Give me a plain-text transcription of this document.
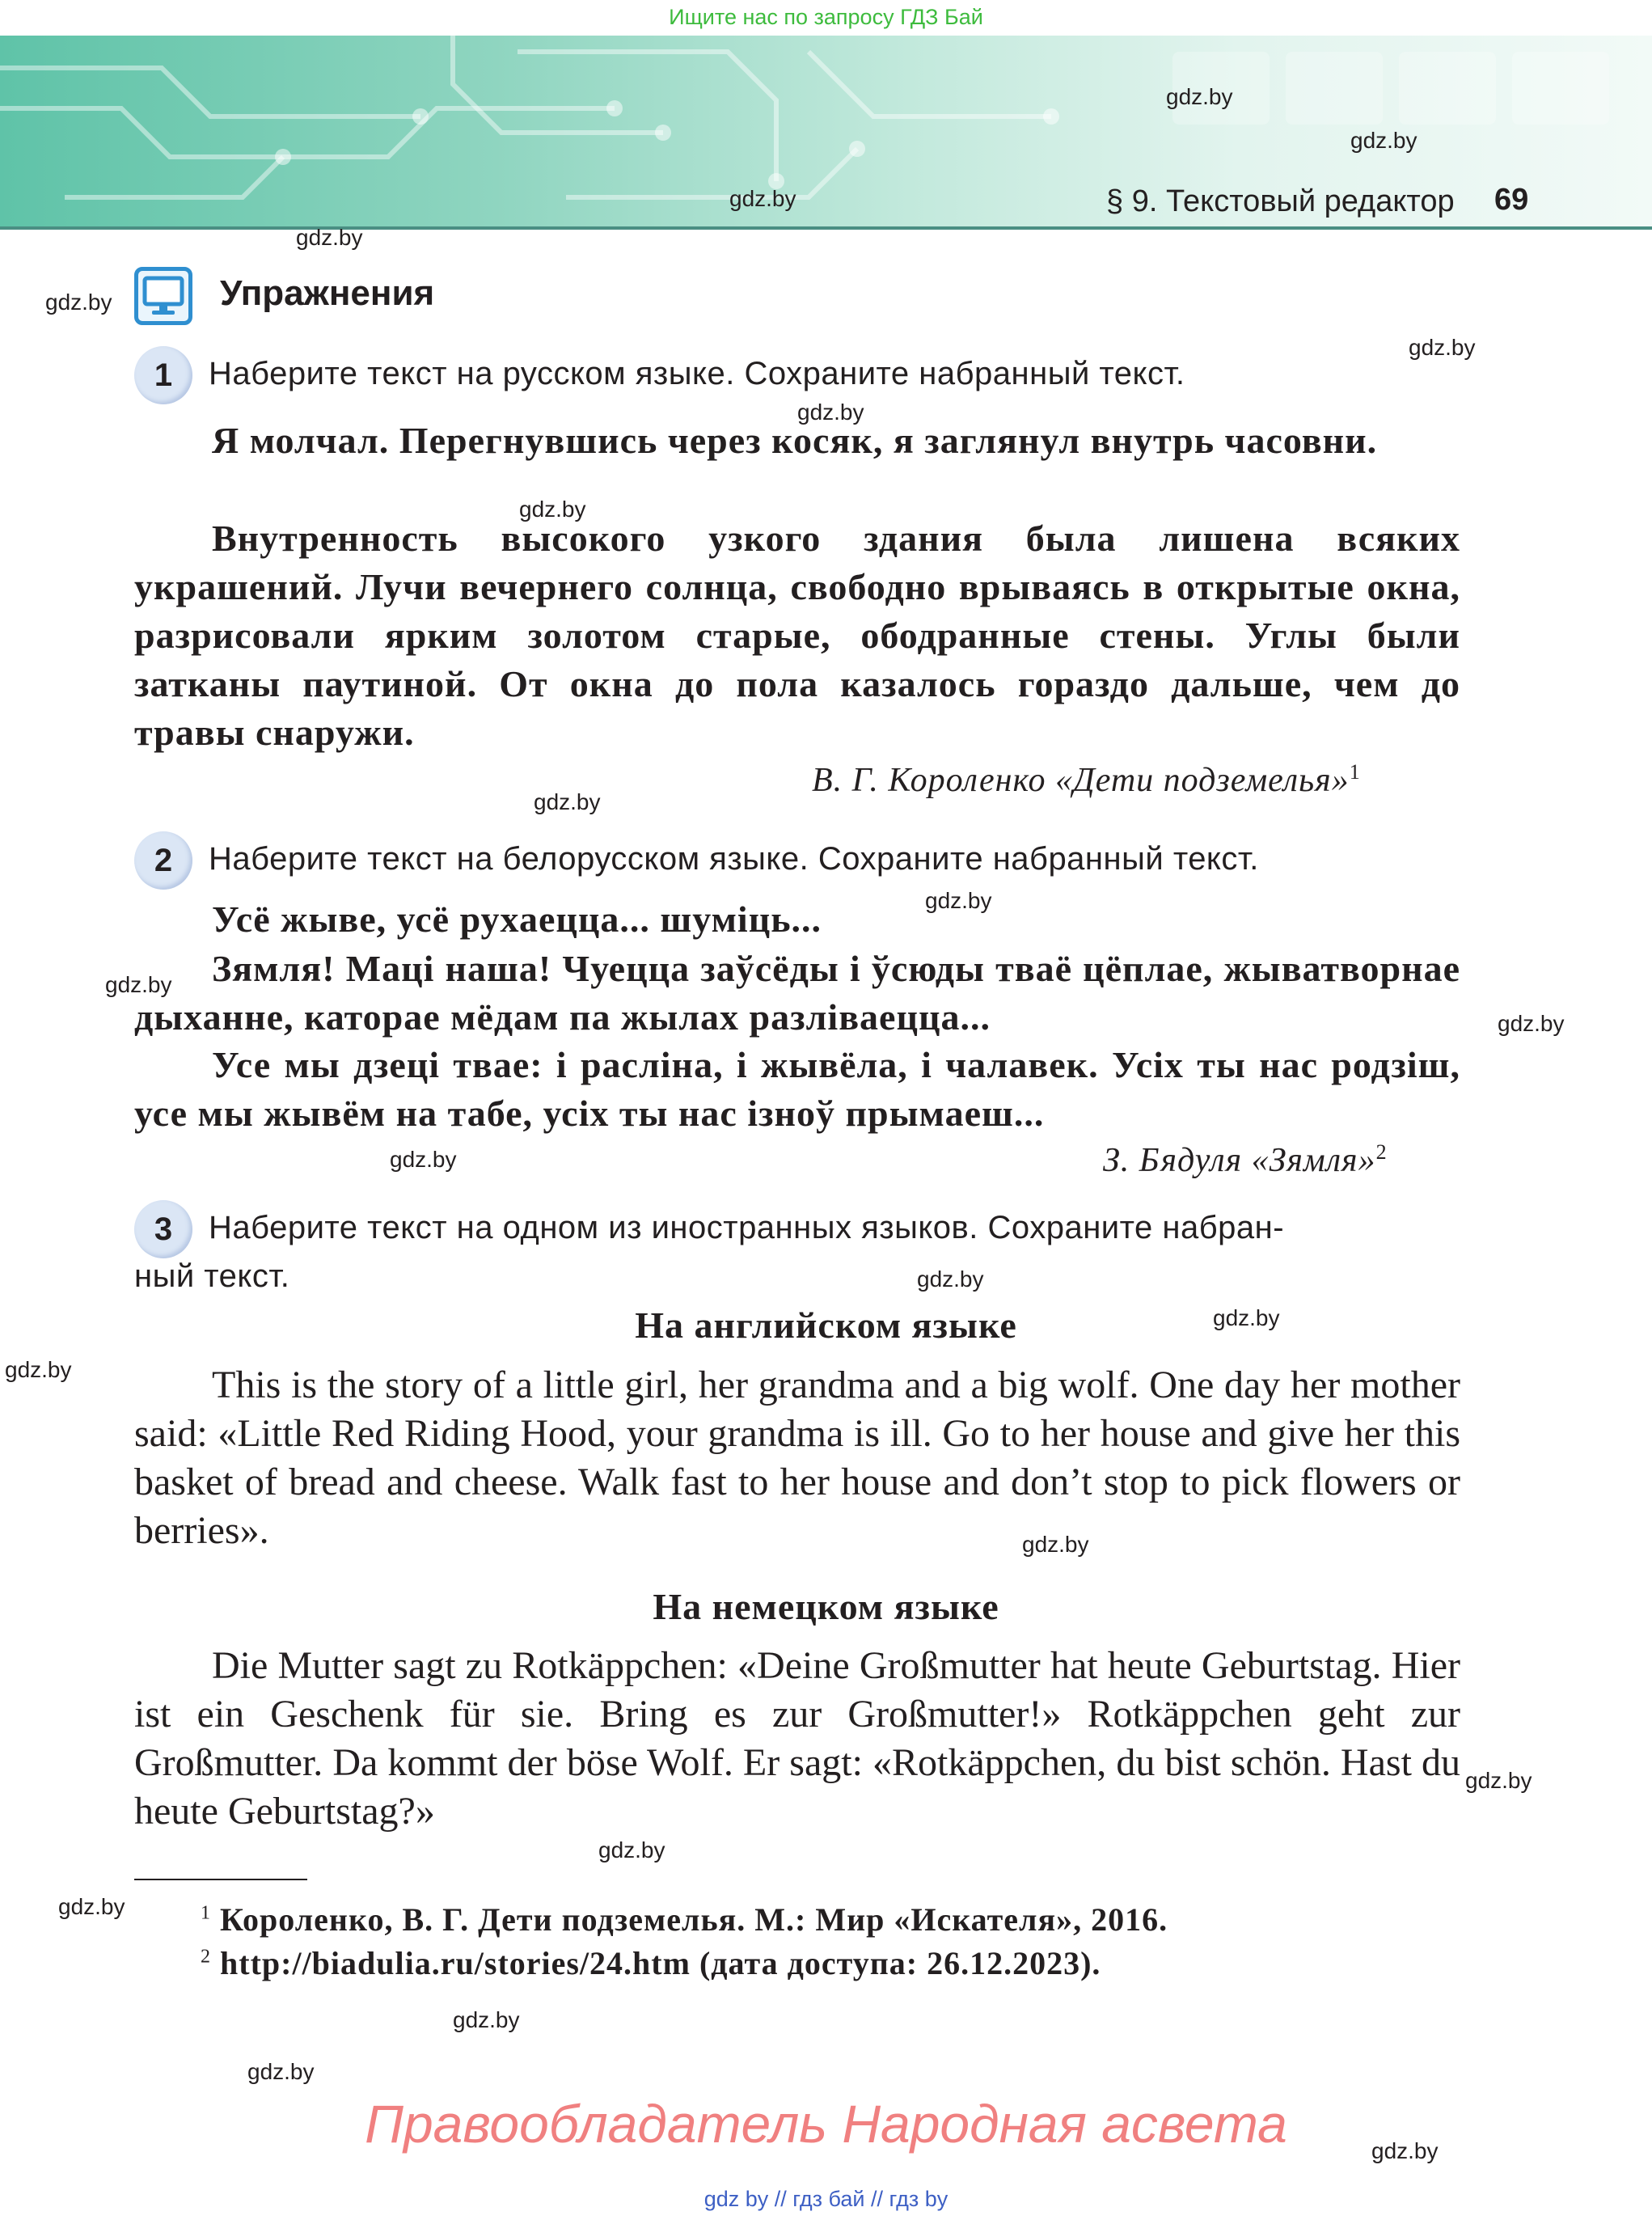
Ищите нас по запросу ГДЗ Бай
§ 9. Текстовый редактор 69
Упражнения
1	Наберите текст на русском языке. Сохраните набранный текст.
Я молчал. Перегнувшись через косяк, я заглянул внутрь часовни.
Внутренность высокого узкого здания была лишена всяких украшений. Лучи вечернего солнца, свободно врываясь в открытые окна, разрисовали ярким золотом старые, ободранные стены. Углы были затканы паутиной. От окна до пола казалось гораздо дальше, чем до травы снаружи.
В. Г. Короленко «Дети подземелья»$^1$
2	Наберите текст на белорусском языке. Сохраните набранный текст.
Усё жыве, усё рухаецца... шуміць...
Зямля! Маці наша! Чуецца заўсёды і ўсюды тваё цёплае, жыватворнае дыханне, каторае мёдам па жылах разліваецца...
Усе мы дзеці твае: і расліна, і жывёла, і чалавек. Усіх ты нас родзіш, усе мы жывём на табе, усіх ты нас ізноў прымаеш...
З. Бядуля «Зямля»$^2$
3	Наберите текст на одном из иностранных языков. Сохраните набран-
ный текст.
На английском языке
This is the story of a little girl, her grandma and a big wolf. One day her mother said: «Little Red Riding Hood, your grandma is ill. Go to her house and give her this basket of bread and cheese. Walk fast to her house and don’t stop to pick flowers or berries».
На немецком языке
Die Mutter sagt zu Rotkäppchen: «Deine Großmutter hat heute Geburtstag. Hier ist ein Geschenk für sie. Bring es zur Großmutter!» Rotkäppchen geht zur Großmutter. Da kommt der böse Wolf. Er sagt: «Rotkäppchen, du bist schön. Hast du heute Geburtstag?»
$^1$ Короленко, В. Г. Дети подземелья. М.: Мир «Искателя», 2016.
$^2$ http://biadulia.ru/stories/24.htm (дата доступа: 26.12.2023).
gdz.by
gdz.by
gdz.by
gdz.by
gdz.by
gdz.by
gdz.by
gdz.by
gdz.by
gdz.by
gdz.by
gdz.by
gdz.by
gdz.by
gdz.by
gdz.by
gdz.by
gdz.by
gdz.by
gdz.by
gdz.by
gdz.by
gdz.by
Правообладатель Народная асвета
gdz by // гдз бай // гдз by
